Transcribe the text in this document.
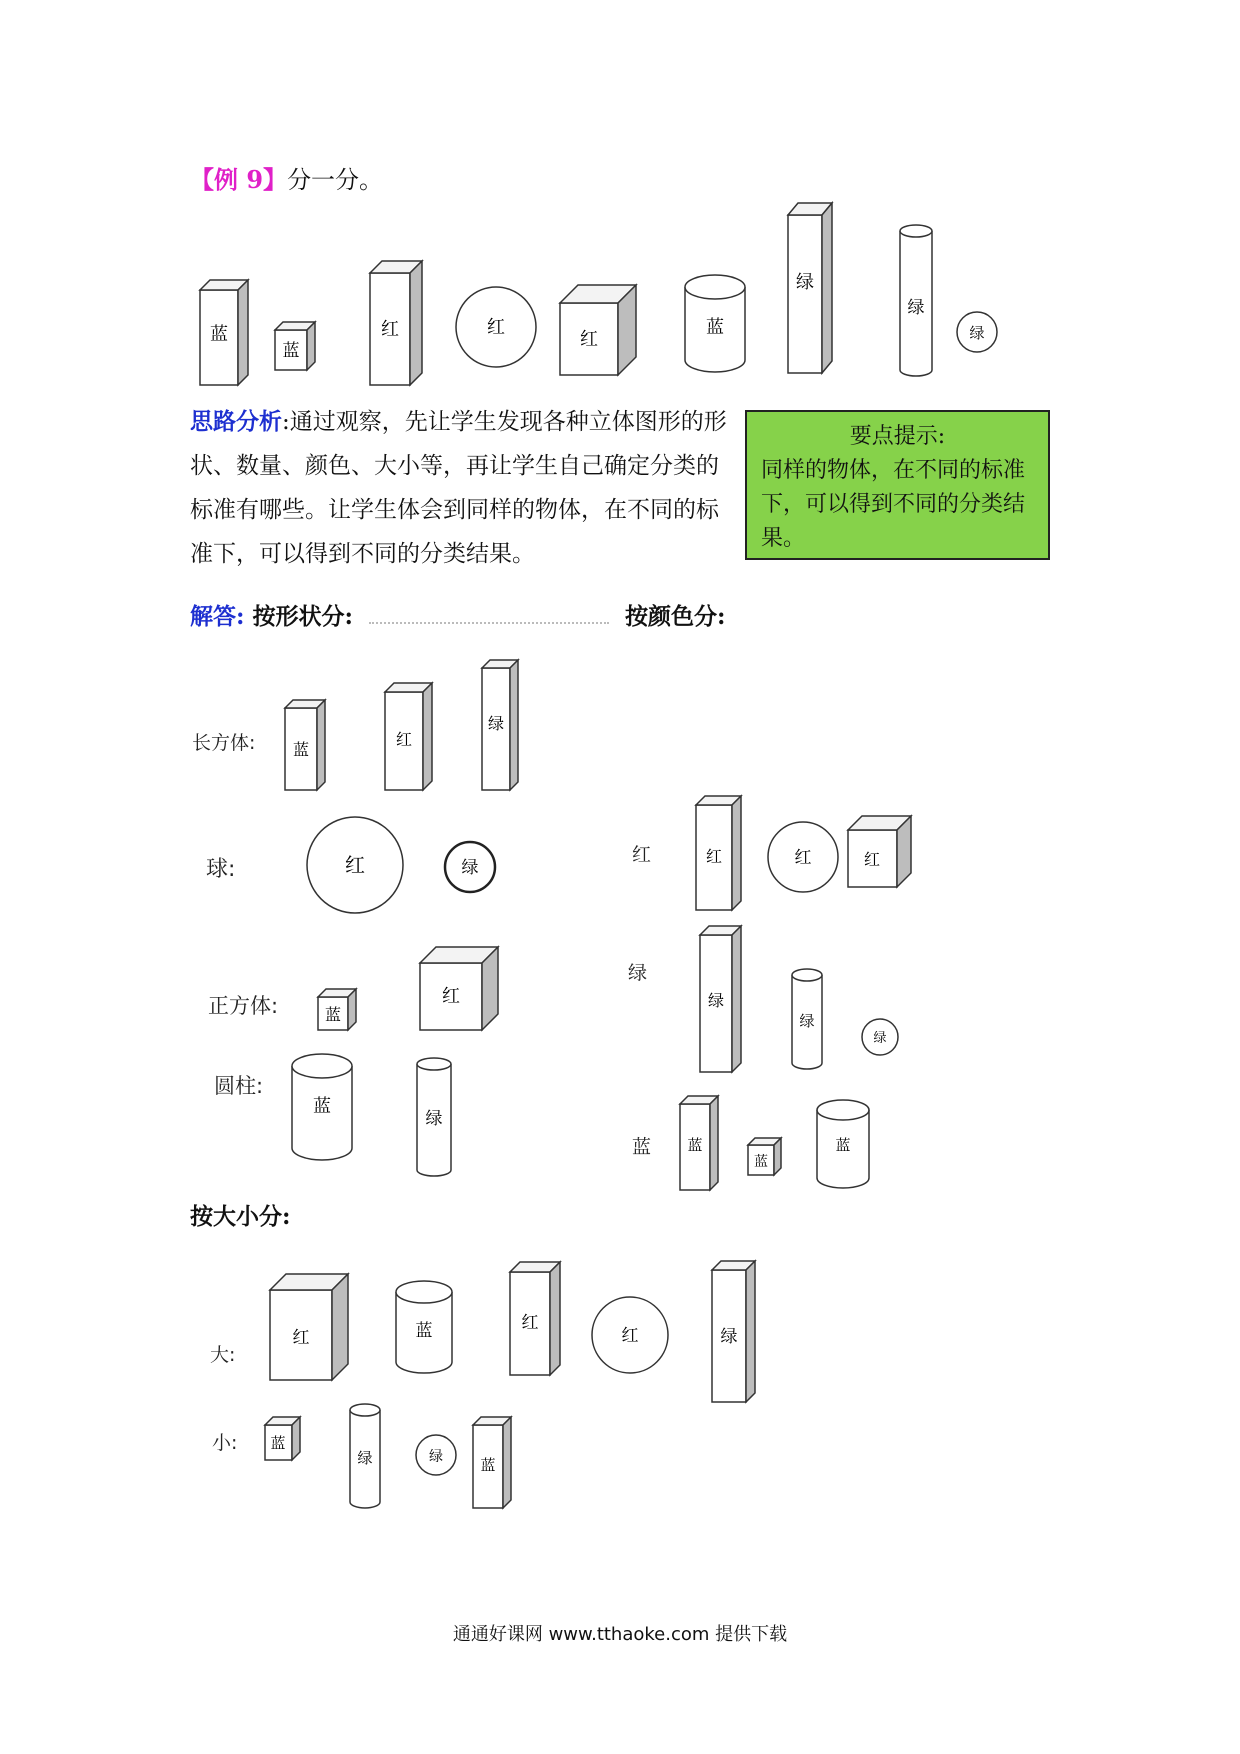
【例 9】分一分。
蓝
蓝
红	红
红
蓝
绿
绿
绿
思路分析:通过观察，先让学生发现各种立体图形的形状、数量、颜色、大小等，再让学生自己确定分类的标准有哪些。让学生体会到同样的物体，在不同的标准下，可以得到不同的分类结果。
要点提示:
同样的物体，在不同的标准下，可以得到不同的分类结果。
解答: 按形状分:	按颜色分:
长方体:
球:
正方体:
圆柱:
蓝
红
绿
红	绿
蓝
红
蓝
绿
红
绿
蓝
红	红	红
绿
绿
绿
蓝
蓝
蓝
按大小分:
大:
小:
红	蓝	红
红	绿
蓝
绿	绿 蓝
通通好课网 www.tthaoke.com 提供下载
